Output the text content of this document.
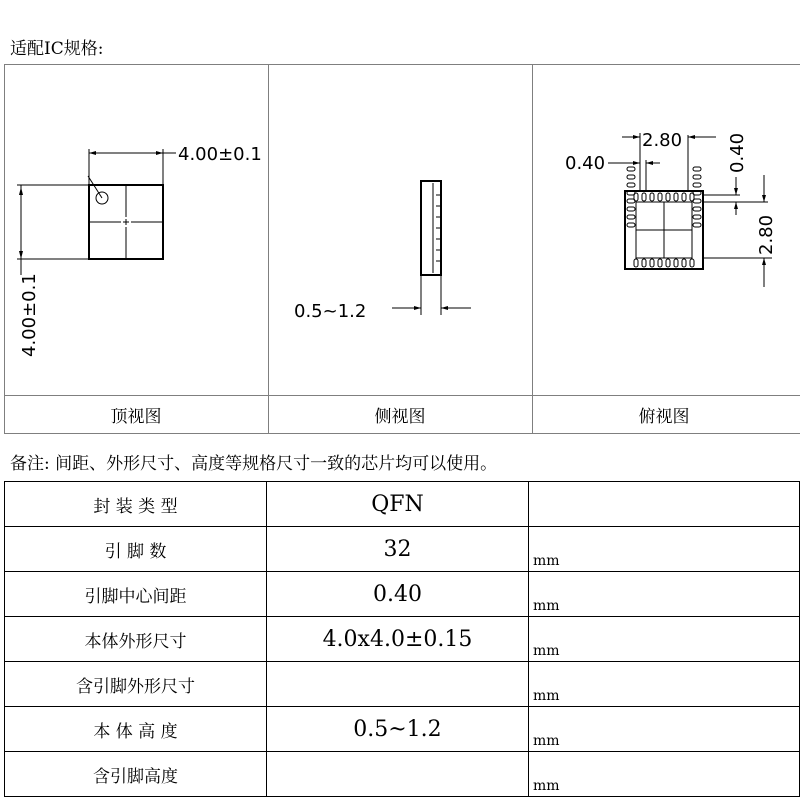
适配IC规格:
4.00±0.1
4.00±0.1	0.5~1.2
0.40
2.80 0.40
2.80
顶视图	侧视图	俯视图
备注: 间距、外形尺寸、高度等规格尺寸一致的芯片均可以使用。
封 装 类 型	QFN	
引 脚 数	32	mm
引脚中心间距	0.40	mm
本体外形尺寸	4.0x4.0±0.15	mm
含引脚外形尺寸		mm
本 体 高 度	0.5~1.2	mm
含引脚高度		mm
